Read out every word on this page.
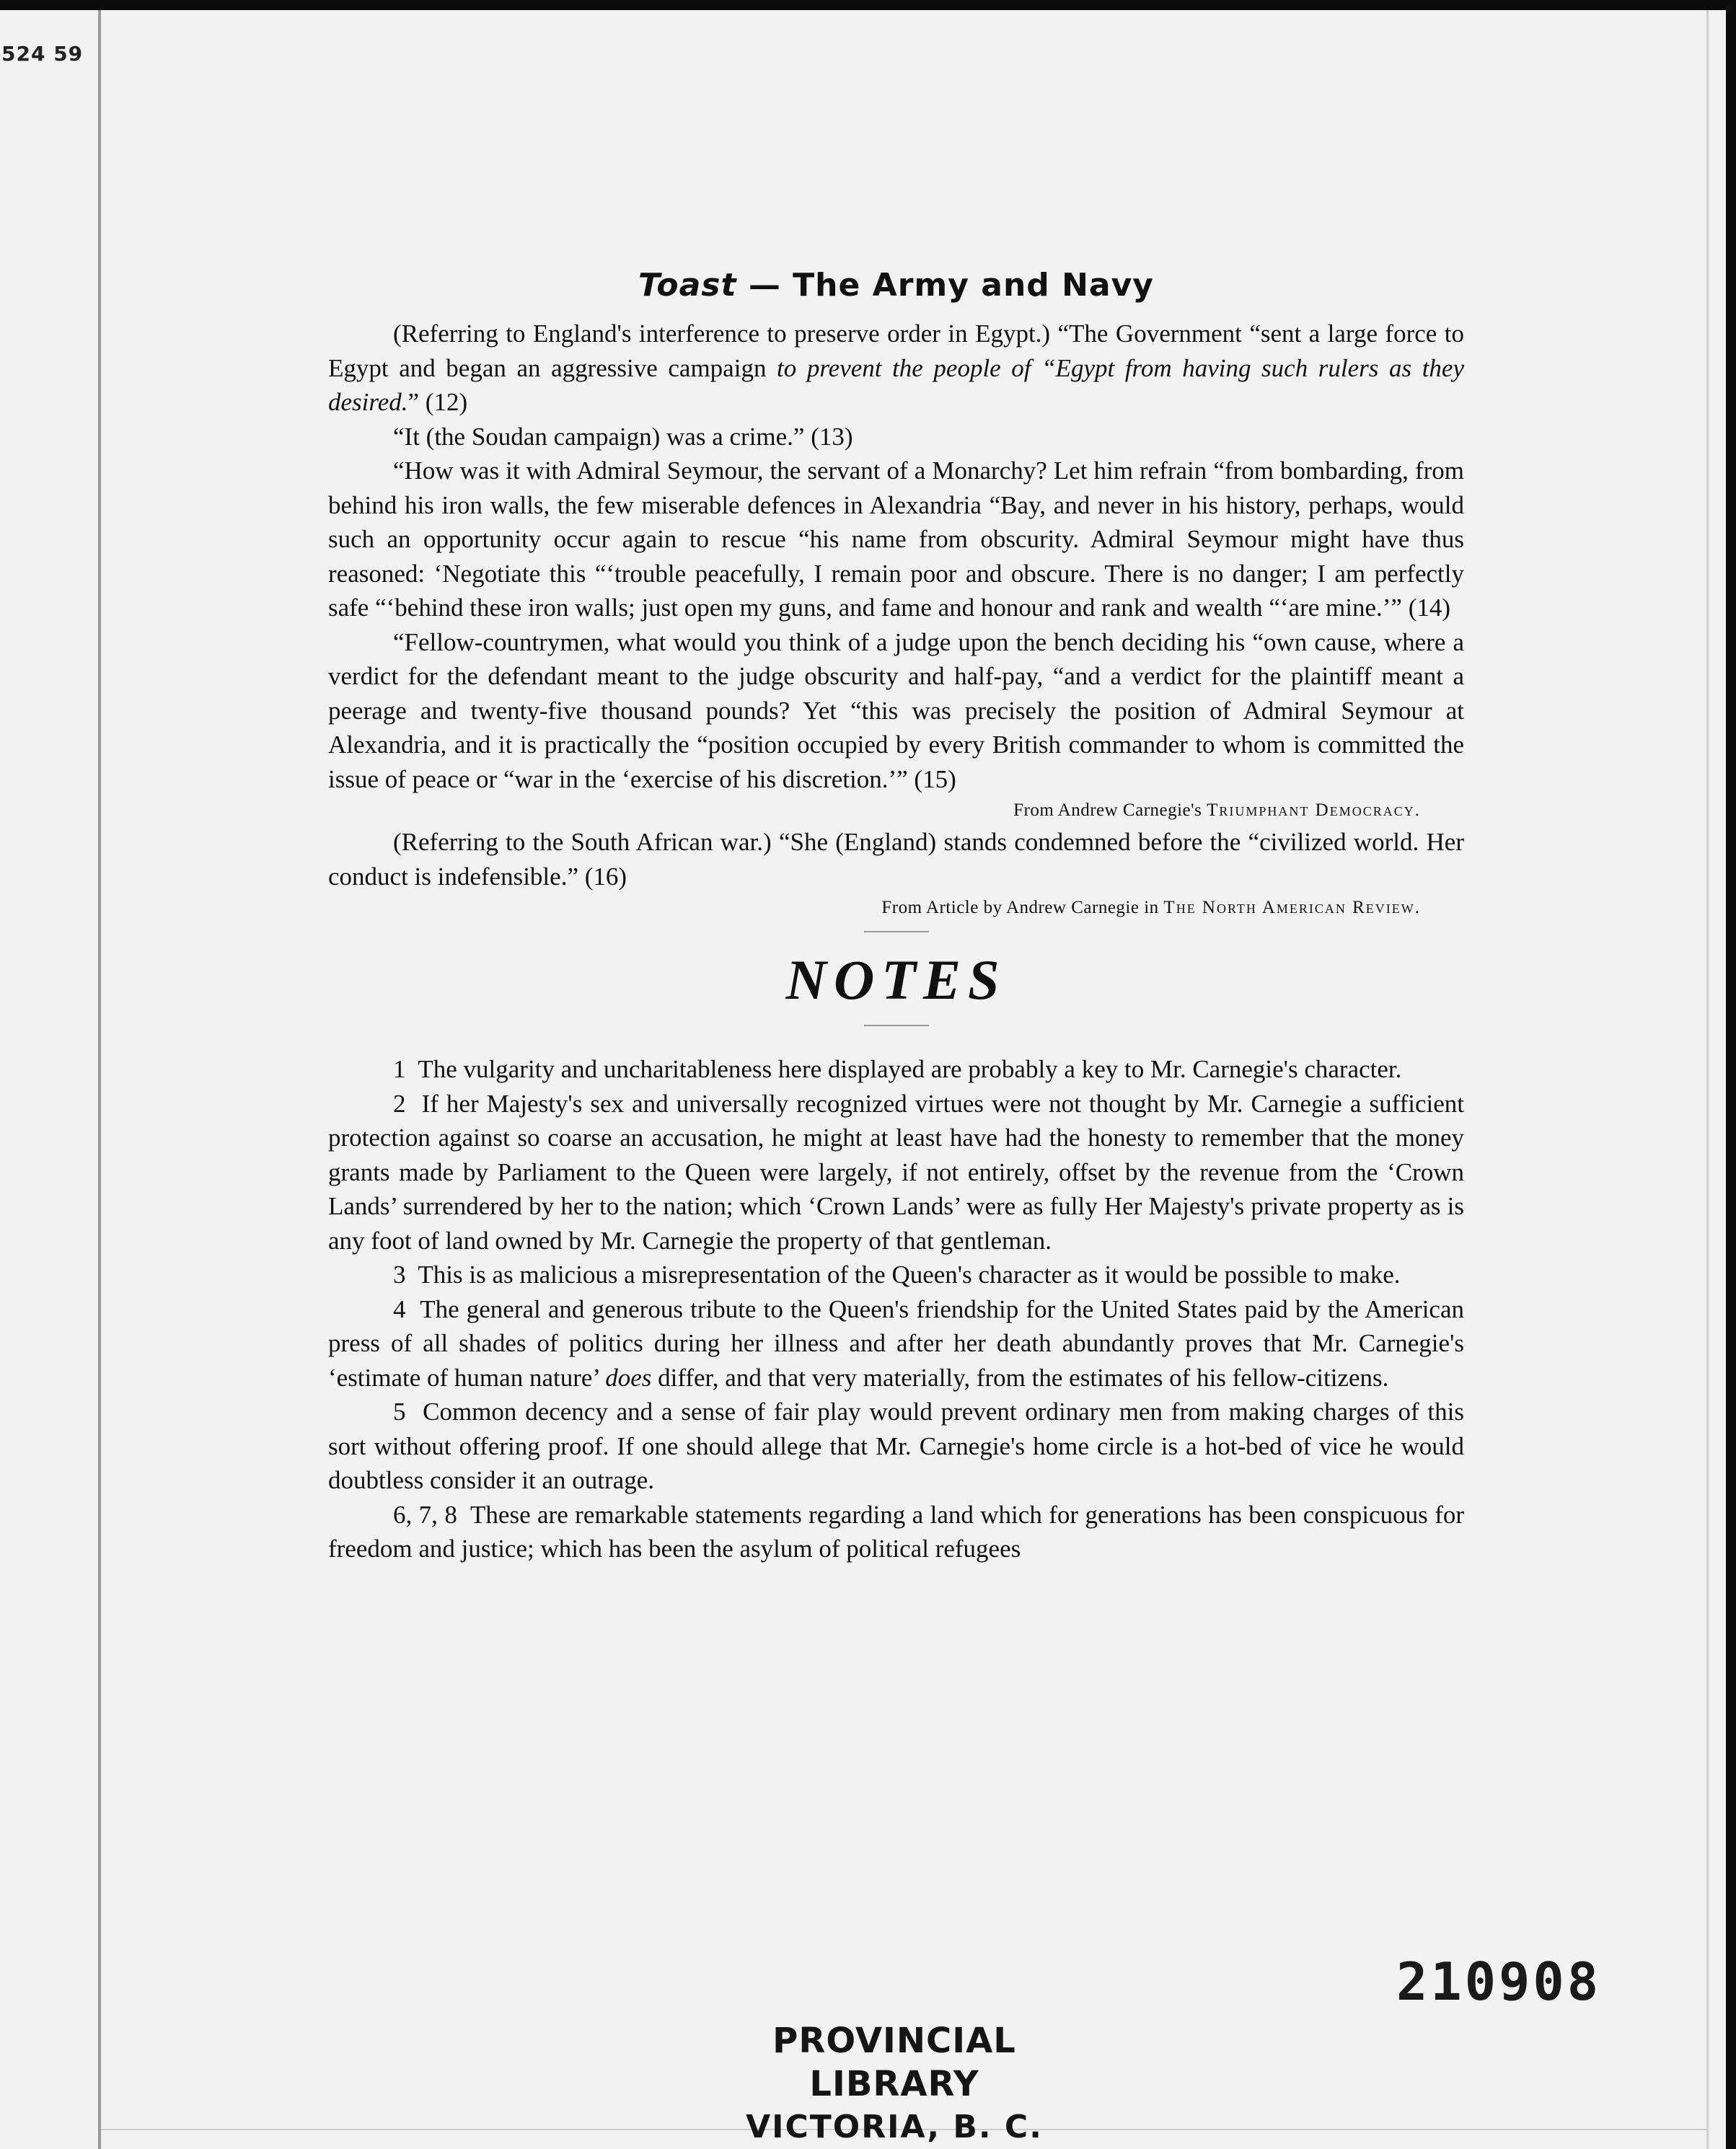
524 59
Toast — The Army and Navy

(Referring to England's interference to preserve order in Egypt.) “The Government “sent a large force to Egypt and began an aggressive campaign to prevent the people of “Egypt from having such rulers as they desired.” (12)

“It (the Soudan campaign) was a crime.” (13)

“How was it with Admiral Seymour, the servant of a Monarchy? Let him refrain “from bombarding, from behind his iron walls, the few miserable defences in Alexandria “Bay, and never in his history, perhaps, would such an opportunity occur again to rescue “his name from obscurity. Admiral Seymour might have thus reasoned: ‘Negotiate this “‘trouble peacefully, I remain poor and obscure. There is no danger; I am perfectly safe “‘behind these iron walls; just open my guns, and fame and honour and rank and wealth “‘are mine.’” (14)

“Fellow-countrymen, what would you think of a judge upon the bench deciding his “own cause, where a verdict for the defendant meant to the judge obscurity and half-pay, “and a verdict for the plaintiff meant a peerage and twenty-five thousand pounds? Yet “this was precisely the position of Admiral Seymour at Alexandria, and it is practically the “position occupied by every British commander to whom is committed the issue of peace or “war in the ‘exercise of his discretion.’” (15)

From Andrew Carnegie's Triumphant Democracy.

(Referring to the South African war.) “She (England) stands condemned before the “civilized world. Her conduct is indefensible.” (16)

From Article by Andrew Carnegie in The North American Review.

NOTES

1 The vulgarity and uncharitableness here displayed are probably a key to Mr. Carnegie's character.

2 If her Majesty's sex and universally recognized virtues were not thought by Mr. Carnegie a sufficient protection against so coarse an accusation, he might at least have had the honesty to remember that the money grants made by Parliament to the Queen were largely, if not entirely, offset by the revenue from the ‘Crown Lands’ surrendered by her to the nation; which ‘Crown Lands’ were as fully Her Majesty's private property as is any foot of land owned by Mr. Carnegie the property of that gentleman.

3 This is as malicious a misrepresentation of the Queen's character as it would be possible to make.

4 The general and generous tribute to the Queen's friendship for the United States paid by the American press of all shades of politics during her illness and after her death abundantly proves that Mr. Carnegie's ‘estimate of human nature’ does differ, and that very materially, from the estimates of his fellow-citizens.

5 Common decency and a sense of fair play would prevent ordinary men from making charges of this sort without offering proof. If one should allege that Mr. Carnegie's home circle is a hot-bed of vice he would doubtless consider it an outrage.

6, 7, 8 These are remarkable statements regarding a land which for generations has been conspicuous for freedom and justice; which has been the asylum of political refugees

210908
PROVINCIAL LIBRARY
VICTORIA, B. C.
